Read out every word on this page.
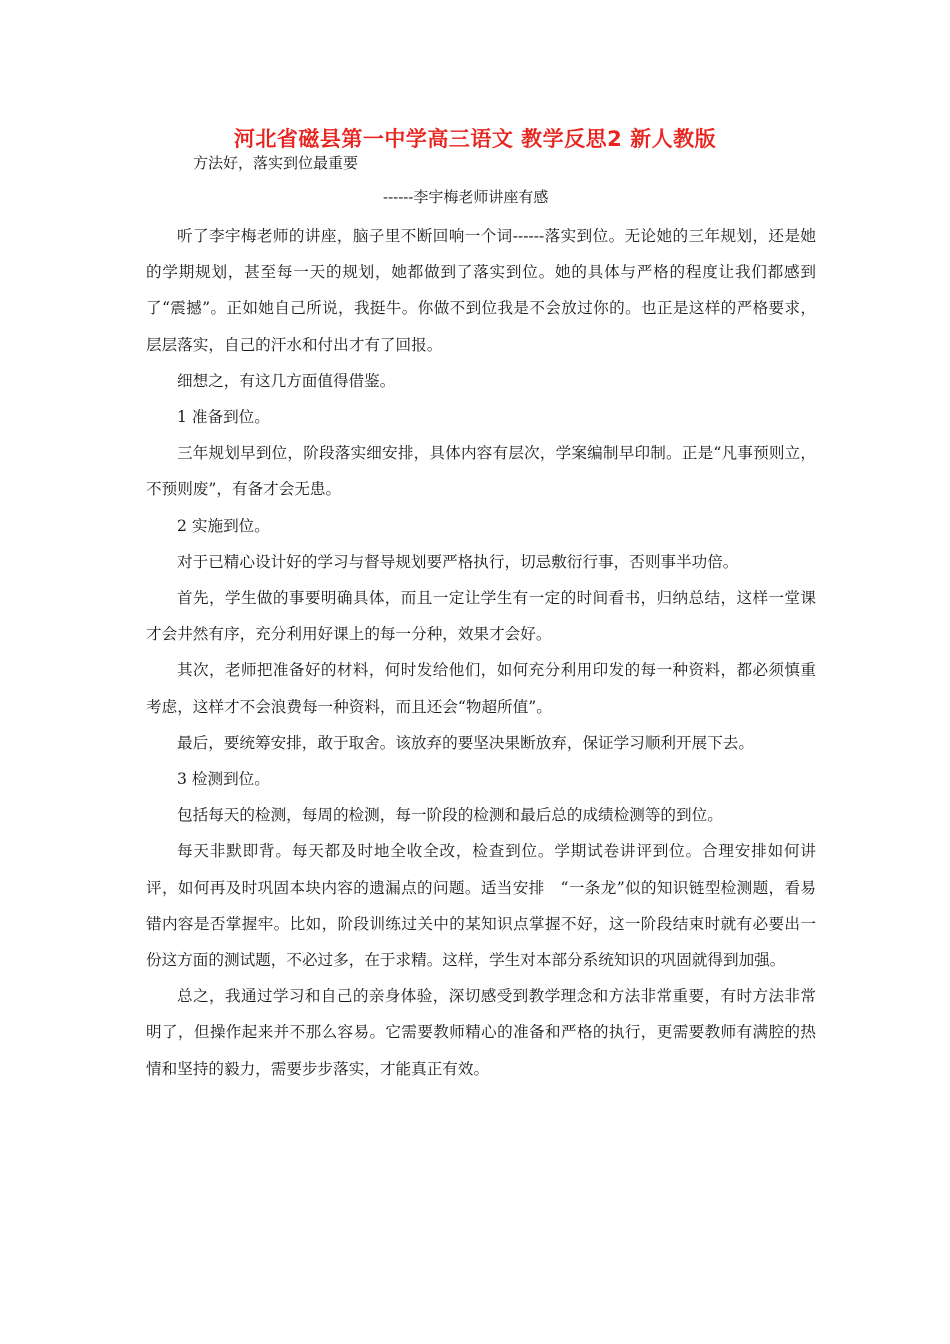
河北省磁县第一中学高三语文 教学反思2 新人教版
方法好，落实到位最重要
------李宇梅老师讲座有感

听了李宇梅老师的讲座，脑子里不断回响一个词------落实到位。无论她的三年规划，还是她的学期规划，甚至每一天的规划，她都做到了落实到位。她的具体与严格的程度让我们都感到了“震撼”。正如她自己所说，我挺牛。你做不到位我是不会放过你的。也正是这样的严格要求，层层落实，自己的汗水和付出才有了回报。

细想之，有这几方面值得借鉴。

1 准备到位。

三年规划早到位，阶段落实细安排，具体内容有层次，学案编制早印制。正是“凡事预则立，不预则废”，有备才会无患。

2 实施到位。

对于已精心设计好的学习与督导规划要严格执行，切忌敷衍行事，否则事半功倍。

首先，学生做的事要明确具体，而且一定让学生有一定的时间看书，归纳总结，这样一堂课才会井然有序，充分利用好课上的每一分种，效果才会好。

其次，老师把准备好的材料，何时发给他们，如何充分利用印发的每一种资料，都必须慎重考虑，这样才不会浪费每一种资料，而且还会“物超所值”。

最后，要统筹安排，敢于取舍。该放弃的要坚决果断放弃，保证学习顺利开展下去。

3 检测到位。

包括每天的检测，每周的检测，每一阶段的检测和最后总的成绩检测等的到位。

每天非默即背。每天都及时地全收全改，检查到位。学期试卷讲评到位。合理安排如何讲评，如何再及时巩固本块内容的遗漏点的问题。适当安排　“一条龙”似的知识链型检测题，看易错内容是否掌握牢。比如，阶段训练过关中的某知识点掌握不好，这一阶段结束时就有必要出一份这方面的测试题，不必过多，在于求精。这样，学生对本部分系统知识的巩固就得到加强。

总之，我通过学习和自己的亲身体验，深切感受到教学理念和方法非常重要，有时方法非常明了，但操作起来并不那么容易。它需要教师精心的准备和严格的执行，更需要教师有满腔的热情和坚持的毅力，需要步步落实，才能真正有效。
